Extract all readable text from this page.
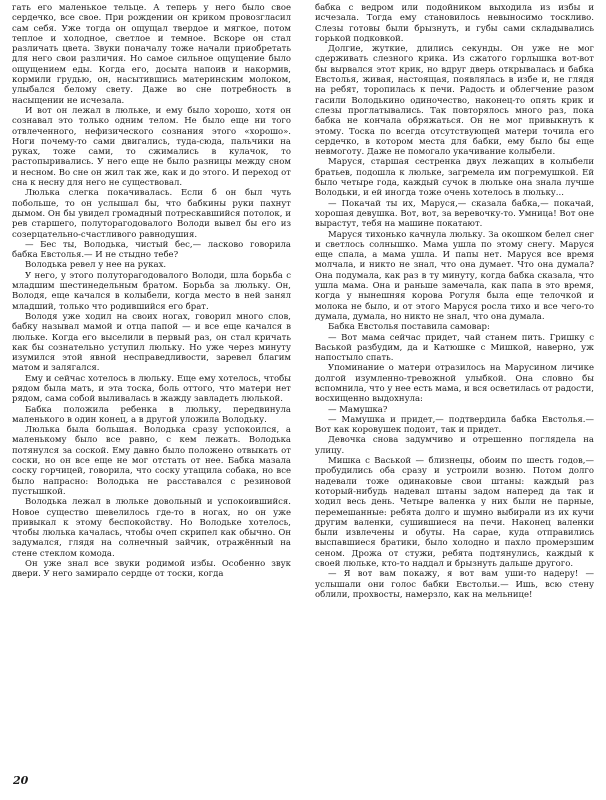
гать его маленькое тельце. А теперь у него было свое сердечко, все свое. При рождении он криком провозгласил сам себя. Уже тогда он ощущал твердое и мягкое, потом теплое и холодное, светлое и темное. Вскоре он стал различать цвета. Звуки поначалу тоже начали приобретать для него свои различия. Но самое сильное ощущение было ощущением еды. Когда его, досыта напоив и накормив, кормили грудью, он, насытившись материнским молоком, улыбался белому свету. Даже во сне потребность в насыщении не исчезала.

И вот он лежал в люльке, и ему было хорошо, хотя он сознавал это только одним телом. Не было еще ни того отвлеченного, нефизического сознания этого «хорошо». Ноги почему-то сами двигались, туда-сюда, пальчики на руках, тоже сами, то сжимались в кулачок, то растопыривались. У него еще не было разницы между сном и несном. Во сне он жил так же, как и до этого. И переход от сна к несну для него не существовал.

Люлька слегка покачивалась. Если б он был чуть побольше, то он услышал бы, что бабкины руки пахнут дымом. Он бы увидел громадный потрескавшийся потолок, и рев старшего, полуторагодовалого Володи вывел бы его из созерцательно-счастливого равнодушия.

— Бес ты, Володька, чистый бес,— ласково говорила бабка Евстолья.— И не стыдно тебе?

Володька ревел у нее на руках.

У него, у этого полуторагодовалого Володи, шла борьба с младшим шестинедельным братом. Борьба за люльку. Он, Володя, еще качался в колыбели, когда место в ней занял младший, только что родившийся его брат.

Володя уже ходил на своих ногах, говорил много слов, бабку называл мамой и отца папой — и все еще качался в люльке. Когда его выселили в первый раз, он стал кричать как бы сознательно уступил люльку. Но уже через минуту изумился этой явной несправедливости, заревел благим матом и залягался.

Ему и сейчас хотелось в люльку. Еще ему хотелось, чтобы рядом была мать, и эта тоска, боль оттого, что матери нет рядом, сама собой выливалась в жажду завладеть люлькой.

Бабка положила ребенка в люльку, передвинула маленького в один конец, а в другой уложила Володьку.

Люлька была большая. Володька сразу успокоился, а маленькому было все равно, с кем лежать. Володька потянулся за соской. Ему давно было положено отвыкать от соски, но он все еще не мог отстать от нее. Бабка мазала соску горчицей, говорила, что соску утащила собака, но все было напрасно: Володька не расставался с резиновой пустышкой.

Володька лежал в люльке довольный и успокоившийся. Новое существо шевелилось где-то в ногах, но он уже привыкал к этому беспокойству. Но Володьке хотелось, чтобы люлька качалась, чтобы очеп скрипел как обычно. Он задумался, глядя на солнечный зайчик, отражённый на стене стеклом комода.

Он уже знал все звуки родимой избы. Особенно звук двери. У него замирало сердце от тоски, когда

бабка с ведром или подойником выходила из избы и исчезала. Тогда ему становилось невыносимо тоскливо. Слезы готовы были брызнуть, и губы сами складывались горькой подковкой.

Долгие, жуткие, длились секунды. Он уже не мог сдерживать слезного крика. Из сжатого горлышка вот-вот бы вырвался этот крик, но вдруг дверь открывалась и бабка Евстолья, живая, настоящая, появлялась в избе и, не глядя на ребят, торопилась к печи. Радость и облегчение разом гасили Володькино одиночество, наконец-то опять крик и слезы проглатывались. Так повторялось много раз, пока бабка не кончала обряжаться. Он не мог привыкнуть к этому. Тоска по всегда отсутствующей матери точила его сердечко, в котором места для бабки, ему было бы еще невмоготу. Даже не помогало укачивание колыбели.

Маруся, старшая сестренка двух лежащих в колыбели братьев, подошла к люльке, загремела им погремушкой. Ей было четыре года, каждый сучок в люльке она знала лучше Володьки, и ей иногда тоже очень хотелось в люльку...

— Покачай ты их, Маруся,— сказала бабка,— покачай, хорошая девушка. Вот, вот, за веревочку-то. Умница! Вот оне вырастут, тебя на машине покатают.

Маруся тихонько качнула люльку. За окошком белел снег и светлось солнышко. Мама ушла по этому снегу. Маруся еще спала, а мама ушла. И папы нет. Маруся все время молчала, и никто не знал, что она думает. Что она думала? Она подумала, как раз в ту минуту, когда бабка сказала, что ушла мама. Она и раньше замечала, как папа в это время, когда у нынешняя корова Рогуля была еще телочкой и молока не было, и от этого Маруся росла тихо и все чего-то думала, думала, но никто не знал, что она думала.

Бабка Евстолья поставила самовар:

— Вот мама сейчас придет, чай станем пить. Гришку с Васькой разбудим, да и Катюшке с Мишкой, наверно, уж напостыло спать.

Упоминание о матери отразилось на Марусином личике долгой изумленно-тревожной улыбкой. Она словно бы вспомнила, что у нее есть мама, и вся осветилась от радости, восхищенно выдохнула:

— Мамушка?

— Мамушка и придет,— подтвердила бабка Евстолья.— Вот как коровушек подоит, так и придет.

Девочка снова задумчиво и отрешенно поглядела на улицу.

Мишка с Васькой — близнецы, обоим по шесть годов,— пробудились оба сразу и устроили возню. Потом долго надевали тоже одинаковые свои штаны: каждый раз который-нибудь надевал штаны задом наперед да так и ходил весь день. Четыре валенка у них были не парные, перемешанные: ребята долго и шумно выбирали из их кучи другим валенки, сушившиеся на печи. Наконец валенки были извлечены и обуты. На сарае, куда отправились выспавшиеся братики, было холодно и пахло промерзшим сеном. Дрожа от стужи, ребята подтянулись, каждый к своей люльке, кто-то наддал и брызнуть дальше другого.

— Я вот вам покажу, я вот вам уши-то надеру! — услышали они голос бабки Евстольи.— Ишь, всю стену облили, прохвосты, намерзло, как на мельнице!

20
